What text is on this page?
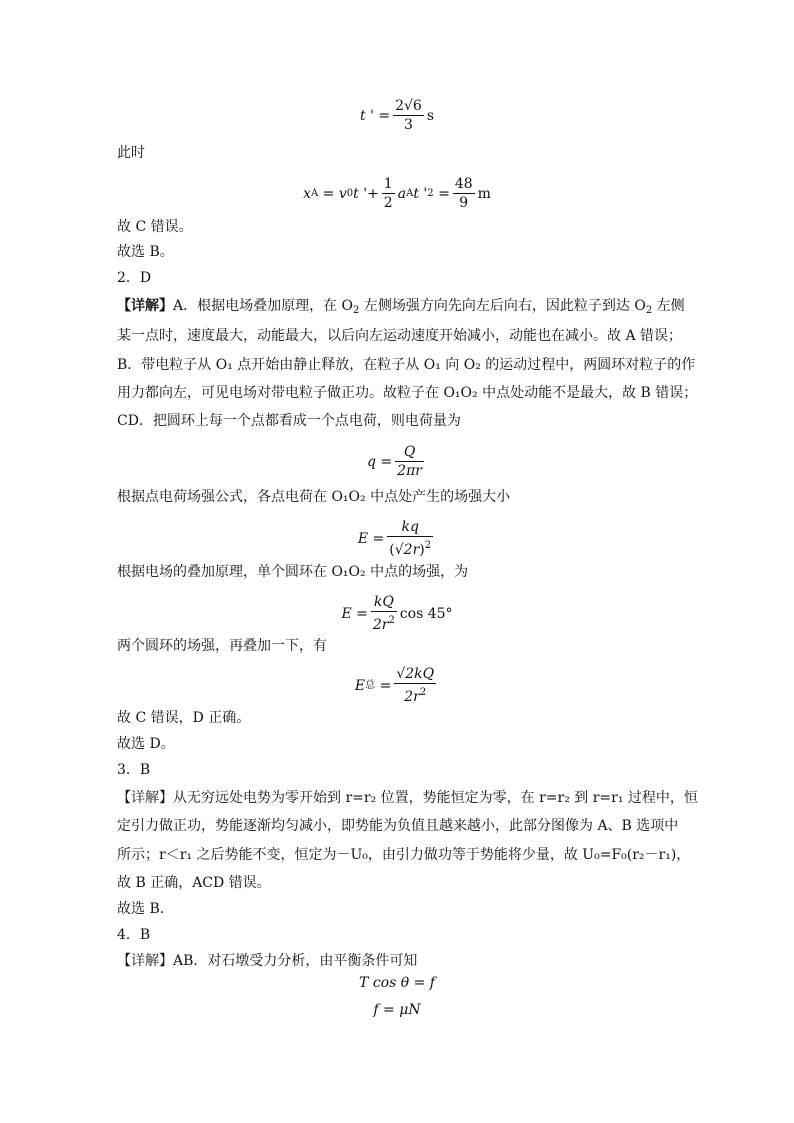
t ' = $\frac{2√6}{3}$ s
此时
x A
= v 0 t '+ $\frac{1}{2}$ a A t ' 2
= $\frac{48}{9}$ m
故 C 错误。
故选 B。
2．D
【详解】A．根据电场叠加原理，在 $O_2$ 左侧场强方向先向左后向右，因此粒子到达 $O_2$ 左侧
某一点时，速度最大，动能最大，以后向左运动速度开始减小，动能也在减小。故 A 错误；
B．带电粒子从 O₁ 点开始由静止释放，在粒子从 O₁ 向 O₂ 的运动过程中，两圆环对粒子的作
用力都向左，可见电场对带电粒子做正功。故粒子在 O₁O₂ 中点处动能不是最大，故 B 错误；
CD．把圆环上每一个点都看成一个点电荷，则电荷量为
$q = \frac{Q}{2\pi r}$
根据点电荷场强公式，各点电荷在 O₁O₂ 中点处产生的场强大小
$E = \frac{kq}{(√2r)^2}$
根据电场的叠加原理，单个圆环在 O₁O₂ 中点的场强，为
$E = \frac{kQ}{2r^2}$ cos 45°
两个圆环的场强，再叠加一下，有
E 总
= $\frac{√2kQ}{2r^2}$
故 C 错误，D 正确。
故选 D。
3．B
【详解】从无穷远处电势为零开始到 r=r₂ 位置，势能恒定为零，在 r=r₂ 到 r=r₁ 过程中，恒
定引力做正功，势能逐渐均匀减小，即势能为负值且越来越小，此部分图像为 A、B 选项中
所示；r＜r₁ 之后势能不变，恒定为－U₀，由引力做功等于势能将少量，故 U₀=F₀(r₂－r₁)，
故 B 正确，ACD 错误。
故选 B．
4．B
【详解】AB．对石墩受力分析，由平衡条件可知
T cos θ = f
f = μN
